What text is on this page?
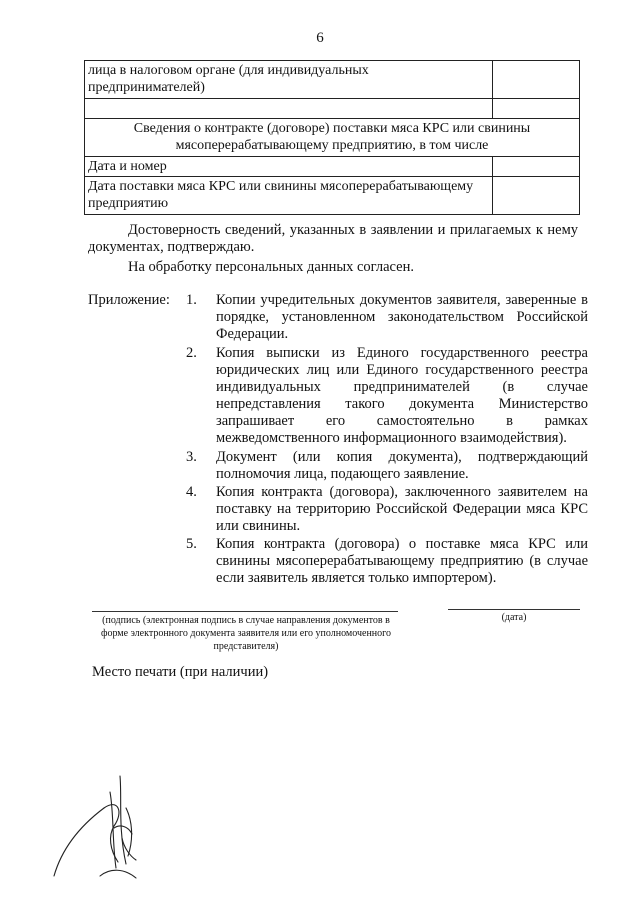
6
лица в налоговом органе (для индивидуальных предпринимателей)	

Сведения о контракте (договоре) поставки мяса КРС или свинины мясоперерабатывающему предприятию, в том числе	
Дата и номер	
Дата поставки мяса КРС или свинины мясоперерабатывающему предприятию	
Достоверность сведений, указанных в заявлении и прилагаемых к нему документах, подтверждаю.
На обработку персональных данных согласен.
Приложение: 1. Копии учредительных документов заявителя, заверенные в порядке, установленном законодательством Российской Федерации.
2. Копия выписки из Единого государственного реестра юридических лиц или Единого государственного реестра индивидуальных предпринимателей (в случае непредставления такого документа Министерство запрашивает его самостоятельно в рамках межведомственного информационного взаимодействия).
3. Документ (или копия документа), подтверждающий полномочия лица, подающего заявление.
4. Копия контракта (договора), заключенного заявителем на поставку на территорию Российской Федерации мяса КРС или свинины.
5. Копия контракта (договора) о поставке мяса КРС или свинины мясоперерабатывающему предприятию (в случае если заявитель является только импортером).
(подпись (электронная подпись в случае направления документов в форме электронного документа заявителя или его уполномоченного представителя)
(дата)
Место печати (при наличии)
